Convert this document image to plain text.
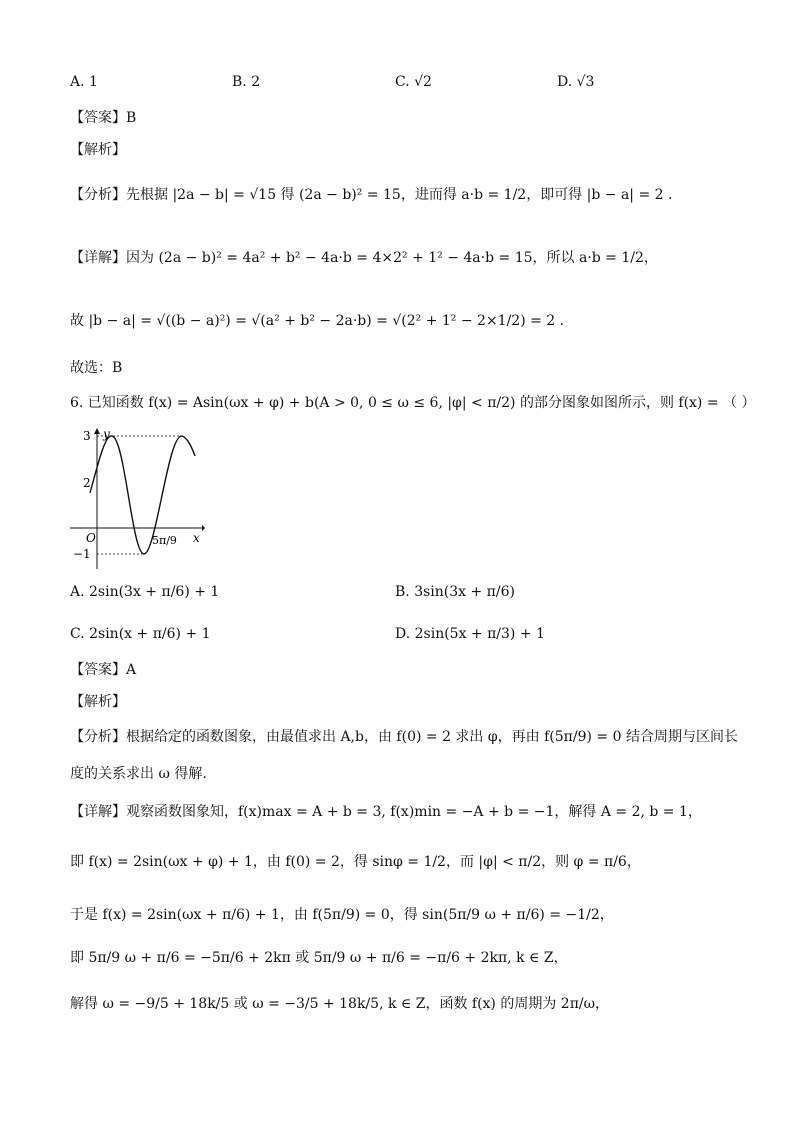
A. 1	B. 2	C. √2	D. √3
【答案】B
【解析】
【分析】先根据 |2a − b| = √15 得 (2a − b)² = 15，进而得 a·b = 1/2，即可得 |b − a| = 2 .
【详解】因为 (2a − b)² = 4a² + b² − 4a·b = 4×2² + 1² − 4a·b = 15，所以 a·b = 1/2，
故 |b − a| = √((b − a)²) = √(a² + b² − 2a·b) = √(2² + 1² − 2×1/2) = 2 .
故选：B
6. 已知函数 f(x) = Asin(ωx + φ) + b(A > 0, 0 ≤ ω ≤ 6, |φ| < π/2) 的部分图象如图所示，则 f(x) = （ ）
y
x
3
2
−1
O	5π/9
A. 2sin(3x + π/6) + 1	B. 3sin(3x + π/6)
C. 2sin(x + π/6) + 1	D. 2sin(5x + π/3) + 1
【答案】A
【解析】
【分析】根据给定的函数图象，由最值求出 A,b，由 f(0) = 2 求出 φ，再由 f(5π/9) = 0 结合周期与区间长
度的关系求出 ω 得解.
【详解】观察函数图象知，f(x)max = A + b = 3, f(x)min = −A + b = −1，解得 A = 2, b = 1，
即 f(x) = 2sin(ωx + φ) + 1，由 f(0) = 2，得 sinφ = 1/2，而 |φ| < π/2，则 φ = π/6，
于是 f(x) = 2sin(ωx + π/6) + 1，由 f(5π/9) = 0，得 sin(5π/9 ω + π/6) = −1/2，
即 5π/9 ω + π/6 = −5π/6 + 2kπ 或 5π/9 ω + π/6 = −π/6 + 2kπ, k ∈ Z，
解得 ω = −9/5 + 18k/5 或 ω = −3/5 + 18k/5, k ∈ Z，函数 f(x) 的周期为 2π/ω，
